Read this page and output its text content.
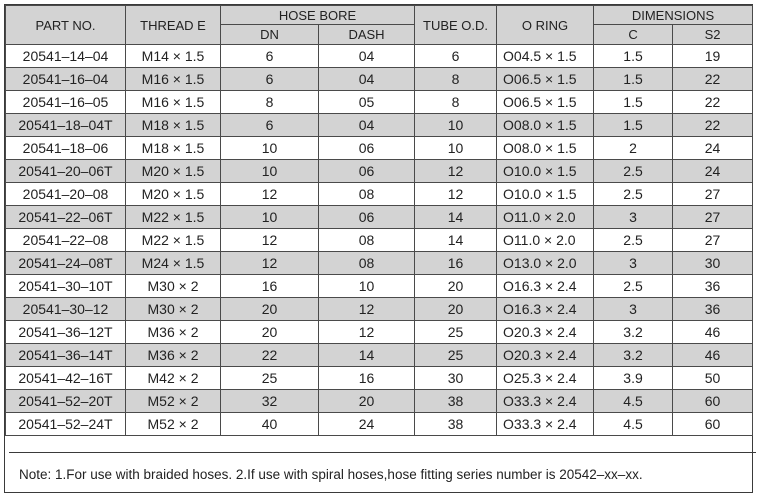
PART NO.	THREAD E	HOSE BORE		TUBE O.D.	O RING	DIMENSIONS	
		DN	DASH			C	S2
20541–14–04	M14 × 1.5	6	04	6	O04.5 × 1.5	1.5	19
20541–16–04	M16 × 1.5	6	04	8	O06.5 × 1.5	1.5	22
20541–16–05	M16 × 1.5	8	05	8	O06.5 × 1.5	1.5	22
20541–18–04T	M18 × 1.5	6	04	10	O08.0 × 1.5	1.5	22
20541–18–06	M18 × 1.5	10	06	10	O08.0 × 1.5	2	24
20541–20–06T	M20 × 1.5	10	06	12	O10.0 × 1.5	2.5	24
20541–20–08	M20 × 1.5	12	08	12	O10.0 × 1.5	2.5	27
20541–22–06T	M22 × 1.5	10	06	14	O11.0 × 2.0	3	27
20541–22–08	M22 × 1.5	12	08	14	O11.0 × 2.0	2.5	27
20541–24–08T	M24 × 1.5	12	08	16	O13.0 × 2.0	3	30
20541–30–10T	M30 × 2	16	10	20	O16.3 × 2.4	2.5	36
20541–30–12	M30 × 2	20	12	20	O16.3 × 2.4	3	36
20541–36–12T	M36 × 2	20	12	25	O20.3 × 2.4	3.2	46
20541–36–14T	M36 × 2	22	14	25	O20.3 × 2.4	3.2	46
20541–42–16T	M42 × 2	25	16	30	O25.3 × 2.4	3.9	50
20541–52–20T	M52 × 2	32	20	38	O33.3 × 2.4	4.5	60
20541–52–24T	M52 × 2	40	24	38	O33.3 × 2.4	4.5	60
Note: 1.For use with braided hoses. 2.If use with spiral hoses,hose fitting series number is 20542–xx–xx.
